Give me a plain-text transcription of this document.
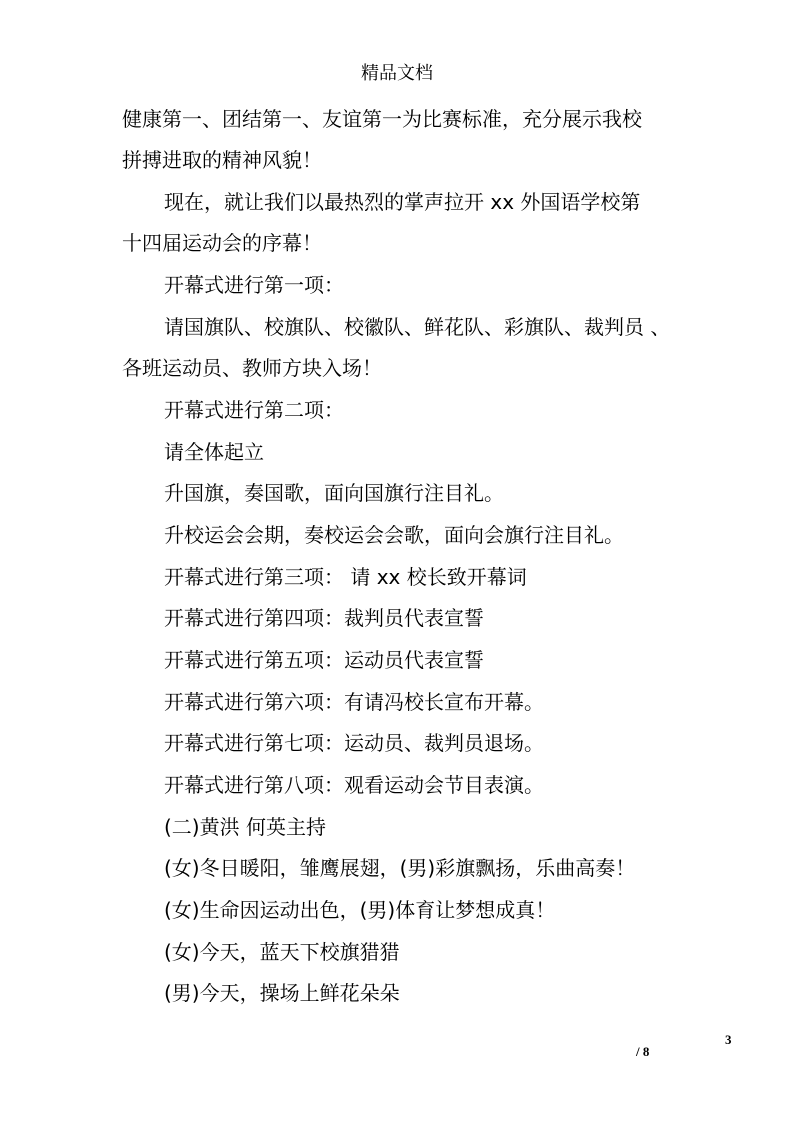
精品文档
健康第一、团结第一、友谊第一为比赛标准，充分展示我校
拼搏进取的精神风貌！
现在，就让我们以最热烈的掌声拉开 xx 外国语学校第
十四届运动会的序幕！
开幕式进行第一项：
请国旗队、校旗队、校徽队、鲜花队、彩旗队、裁判员 、
各班运动员、教师方块入场！
开幕式进行第二项：
请全体起立
升国旗，奏国歌，面向国旗行注目礼。
升校运会会期，奏校运会会歌，面向会旗行注目礼。
开幕式进行第三项： 请 xx 校长致开幕词
开幕式进行第四项：裁判员代表宣誓
开幕式进行第五项：运动员代表宣誓
开幕式进行第六项：有请冯校长宣布开幕。
开幕式进行第七项：运动员、裁判员退场。
开幕式进行第八项：观看运动会节目表演。
(二)黄洪 何英主持
(女)冬日暖阳，雏鹰展翅，(男)彩旗飘扬，乐曲高奏！
(女)生命因运动出色，(男)体育让梦想成真！
(女)今天，蓝天下校旗猎猎
(男)今天，操场上鲜花朵朵
3
/ 8
